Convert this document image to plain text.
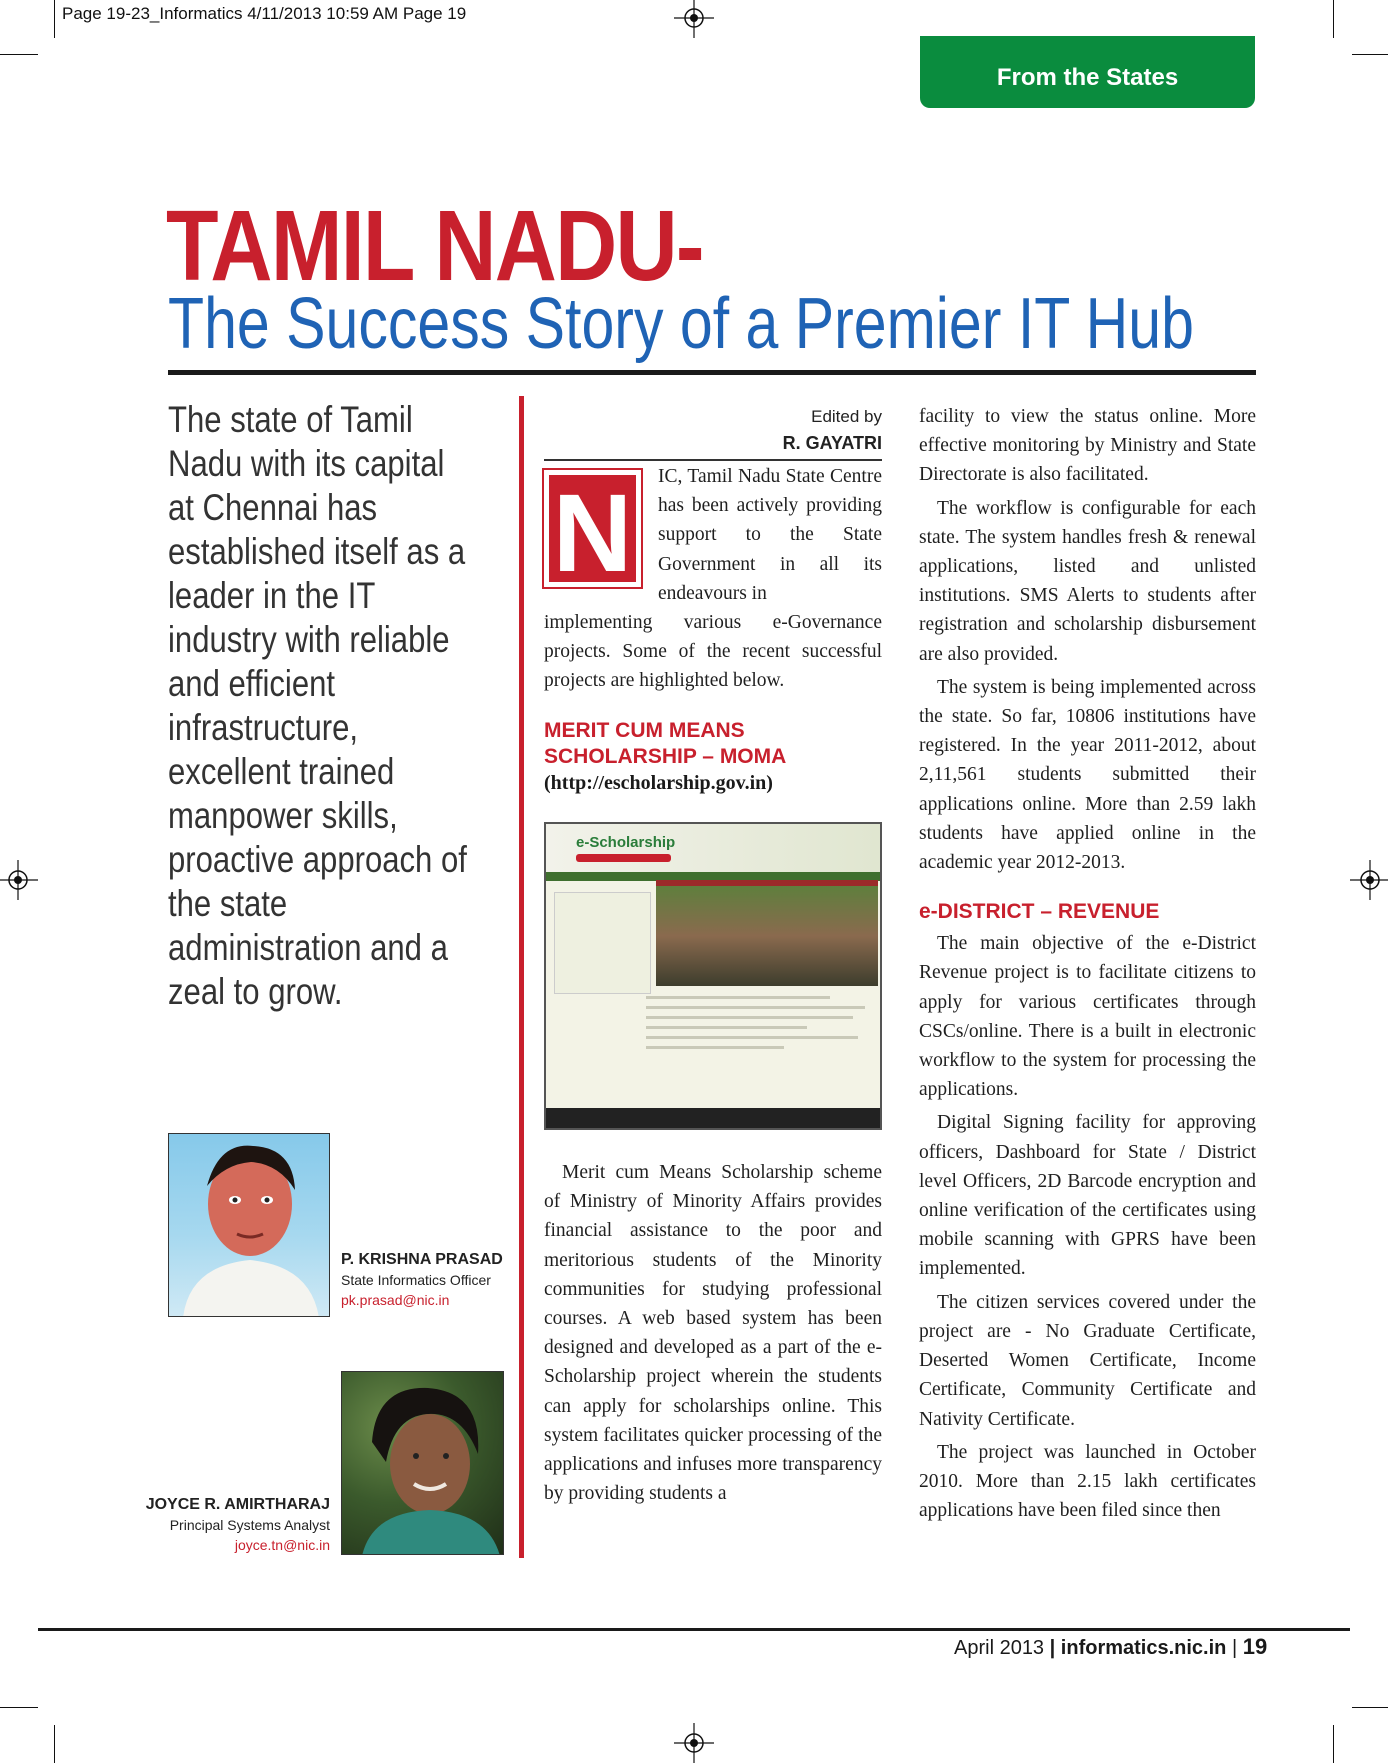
Page 19-23_Informatics 4/11/2013 10:59 AM Page 19
From the States
TAMIL NADU-
The Success Story of a Premier IT Hub

The state of Tamil Nadu with its capital at Chennai has established itself as a leader in the IT industry with reliable and efficient infrastructure, excellent trained manpower skills, proactive approach of the state administration and a zeal to grow.

P. KRISHNA PRASAD
State Informatics Officer
pk.prasad@nic.in
JOYCE R. AMIRTHARAJ
Principal Systems Analyst
joyce.tn@nic.in
Edited by
R. GAYATRI
N	IC, Tamil Nadu State Centre has been actively providing support to the State Government in all its endeavours in

implementing various e-Governance projects. Some of the recent successful projects are highlighted below.

MERIT CUM MEANS SCHOLARSHIP – MOMA
(http://escholarship.gov.in)
e-Scholarship

Merit cum Means Scholarship scheme of Ministry of Minority Affairs provides financial assistance to the poor and meritorious students of the Minority communities for studying professional courses. A web based system has been designed and developed as a part of the e-Scholarship project wherein the students can apply for scholarships online. This system facilitates quicker processing of the applications and infuses more transparency by providing students a

facility to view the status online. More effective monitoring by Ministry and State Directorate is also facilitated.

The workflow is configurable for each state. The system handles fresh & renewal applications, listed and unlisted institutions. SMS Alerts to students after registration and scholarship disbursement are also provided.

The system is being implemented across the state. So far, 10806 institutions have registered. In the year 2011-2012, about 2,11,561 students submitted their applications online. More than 2.59 lakh students have applied online in the academic year 2012-2013.

e-DISTRICT – REVENUE

The main objective of the e-District Revenue project is to facilitate citizens to apply for various certificates through CSCs/online. There is a built in electronic workflow to the system for processing the applications.

Digital Signing facility for approving officers, Dashboard for State / District level Officers, 2D Barcode encryption and online verification of the certificates using mobile scanning with GPRS have been implemented.

The citizen services covered under the project are - No Graduate Certificate, Deserted Women Certificate, Income Certificate, Community Certificate and Nativity Certificate.

The project was launched in October 2010. More than 2.15 lakh certificates applications have been filed since then

April 2013 | informatics.nic.in | 19
